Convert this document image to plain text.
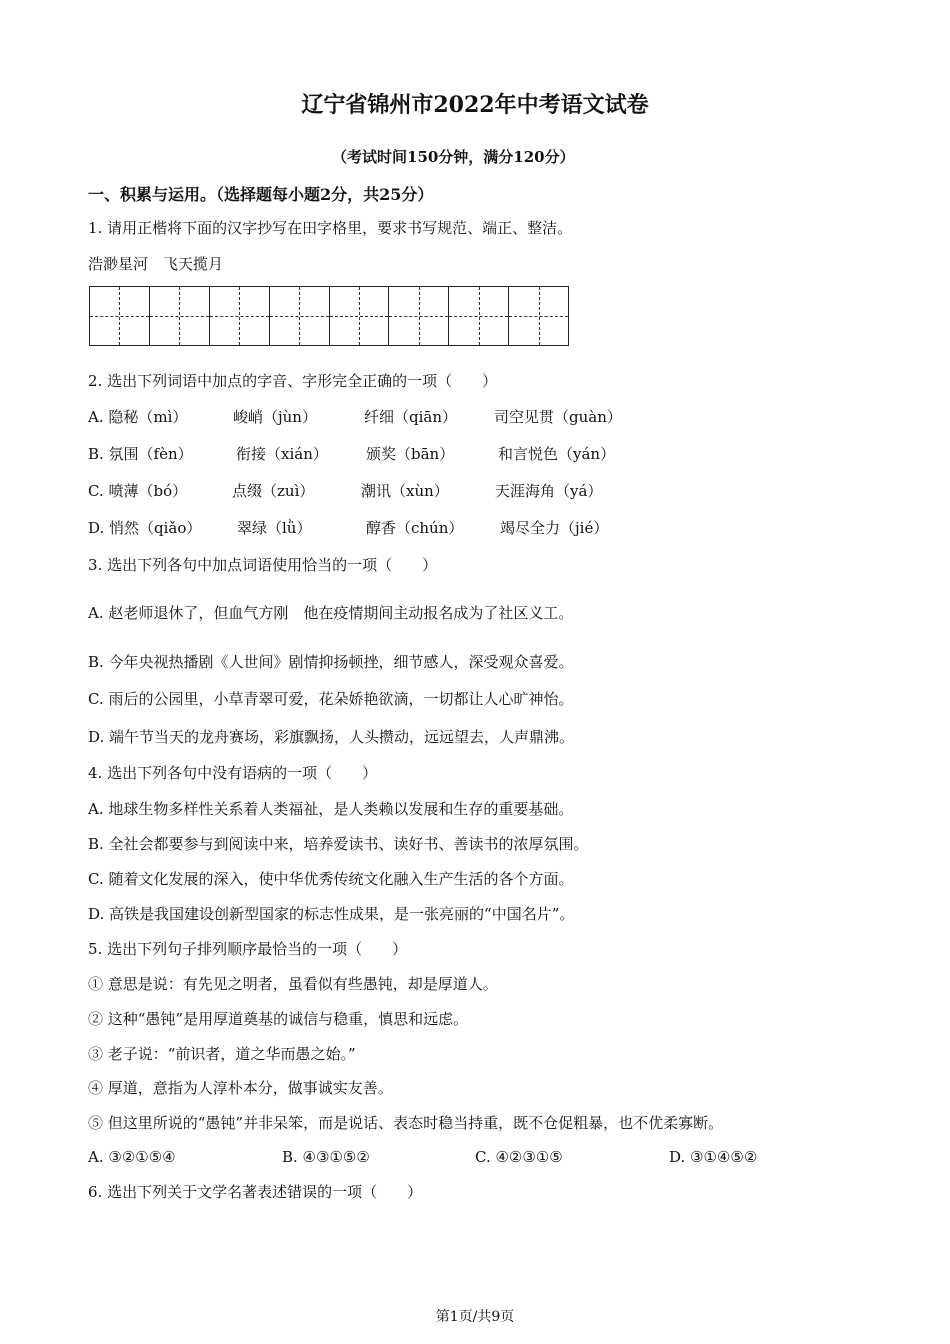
辽宁省锦州市2022年中考语文试卷
（考试时间150分钟，满分120分）
一、积累与运用。（选择题每小题2分，共25分）
1. 请用正楷将下面的汉字抄写在田字格里，要求书写规范、端正、整洁。
浩渺星河　飞天揽月
2. 选出下列词语中加点的字音、字形完全正确的一项（　　）
A. 隐秘（mì）	峻峭（jùn）	纤细（qiān） 司空见贯（guàn）
B. 氛围（fèn）	衔接（xián）	颁奖（bān）	和言悦色（yán）
C. 喷薄（bó）	点缀（zuì）	潮讯（xùn）	天涯海角（yá）
D. 悄然（qiǎo） 翠绿（lǜ）	醇香（chún） 竭尽全力（jié）
3. 选出下列各句中加点词语使用恰当的一项（　　）
A. 赵老师退休了，但血气方刚　他在疫情期间主动报名成为了社区义工。
B. 今年央视热播剧《人世间》剧情抑扬顿挫，细节感人，深受观众喜爱。
C. 雨后的公园里，小草青翠可爱，花朵娇艳欲滴，一切都让人心旷神怡。
D. 端午节当天的龙舟赛场，彩旗飘扬，人头攒动，远远望去，人声鼎沸。
4. 选出下列各句中没有语病的一项（　　）
A. 地球生物多样性关系着人类福祉，是人类赖以发展和生存的重要基础。
B. 全社会都要参与到阅读中来，培养爱读书、读好书、善读书的浓厚氛围。
C. 随着文化发展的深入，使中华优秀传统文化融入生产生活的各个方面。
D. 高铁是我国建设创新型国家的标志性成果，是一张亮丽的“中国名片”。
5. 选出下列句子排列顺序最恰当的一项（　　）
① 意思是说：有先见之明者，虽看似有些愚钝，却是厚道人。
② 这种“愚钝”是用厚道奠基的诚信与稳重，慎思和远虑。
③ 老子说：“前识者，道之华而愚之始。”
④ 厚道，意指为人淳朴本分，做事诚实友善。
⑤ 但这里所说的“愚钝”并非呆笨，而是说话、表态时稳当持重，既不仓促粗暴，也不优柔寡断。
A. ③②①⑤④	B. ④③①⑤②	C. ④②③①⑤	D. ③①④⑤②
6. 选出下列关于文学名著表述错误的一项（　　）
第1页/共9页
